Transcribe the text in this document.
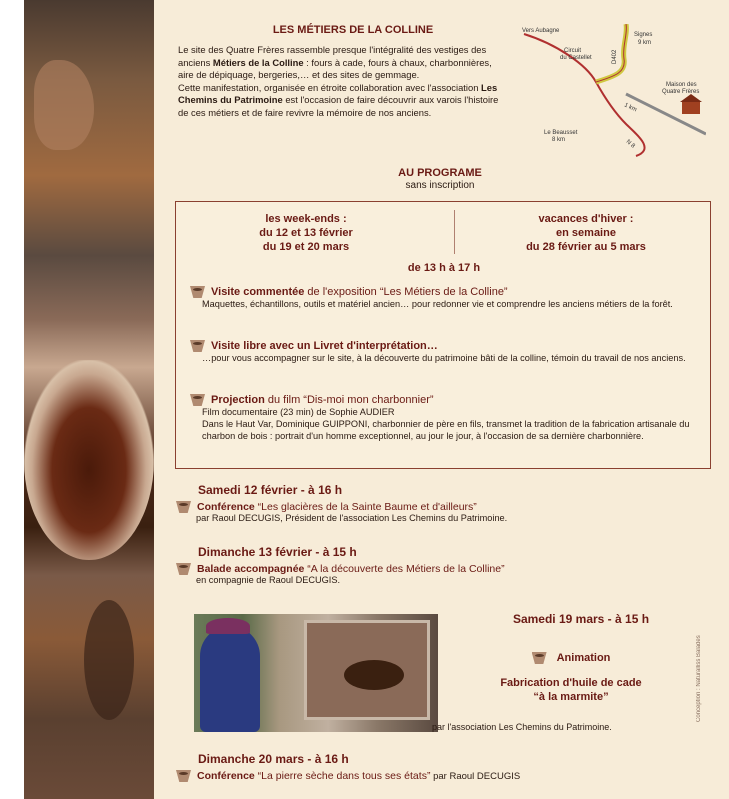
LES MÉTIERS DE LA COLLINE

Le site des Quatre Frères rassemble presque l'intégralité des vestiges des anciens Métiers de la Colline : fours à cade, fours à chaux, charbonnières, aire de dépiquage, bergeries,… et des sites de gemmage.

Cette manifestation, organisée en étroite collaboration avec l'association Les Chemins du Patrimoine est l'occasion de faire découvrir aux varois l'histoire de ces métiers et de faire revivre la mémoire de nos anciens.

Vers Aubagne
Circuit
du Castellet	D402
Signes
9 km
Maison des
Quatre Frères
1 km
N 8
Le Beausset
8 km
AU PROGRAME
sans inscription
les week-ends :
du 12 et 13 février
du 19 et 20 mars
vacances d'hiver :
en semaine
du 28 février au 5 mars
de 13 h à 17 h
Visite commentée de l'exposition “Les Métiers de la Colline”
Maquettes, échantillons, outils et matériel ancien… pour redonner vie et comprendre les anciens métiers de la forêt.
Visite libre avec un Livret d'interprétation…
…pour vous accompagner sur le site, à la découverte du patrimoine bâti de la colline, témoin du travail de nos anciens.
Projection du film “Dis-moi mon charbonnier”
Film documentaire (23 min) de Sophie AUDIER
Dans le Haut Var, Dominique GUIPPONI, charbonnier de père en fils, transmet la tradition de la fabrication artisanale du charbon de bois : portrait d'un homme exceptionnel, au jour le jour, à l'occasion de sa dernière charbonnière.
Samedi 12 février - à 16 h
Conférence “Les glacières de la Sainte Baume et d'ailleurs”
par Raoul DECUGIS, Président de l'association Les Chemins du Patrimoine.
Dimanche 13 février - à 15 h
Balade accompagnée “A la découverte des Métiers de la Colline”
en compagnie de Raoul DECUGIS.
Samedi 19 mars - à 15 h
Animation
Fabrication d'huile de cade
“à la marmite”
par l'association Les Chemins du Patrimoine.
Conception : Naturalliss Balades
Dimanche 20 mars - à 16 h
Conférence “La pierre sèche dans tous ses états” par Raoul DECUGIS
